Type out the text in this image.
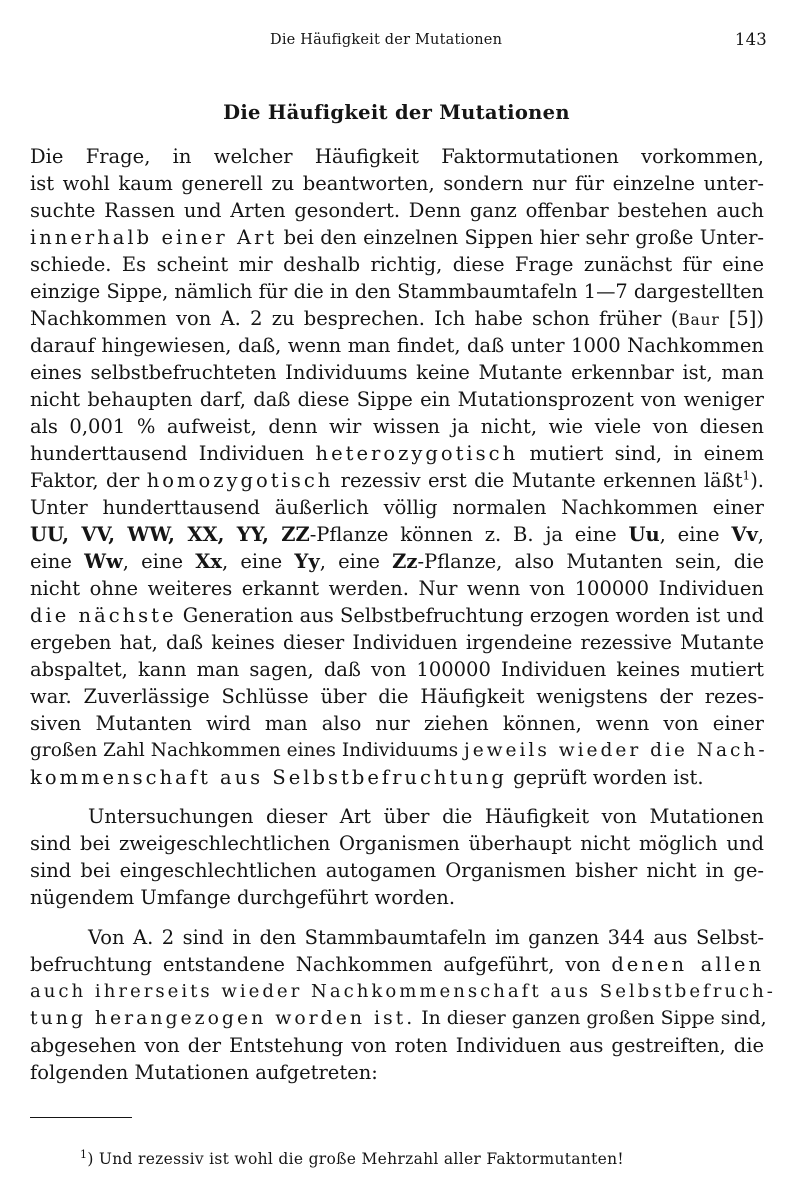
Die Häufigkeit der Mutationen	143
Die Häufigkeit der Mutationen
Die Frage, in welcher Häufigkeit Faktormutationen vorkommen,
ist wohl kaum generell zu beantworten, sondern nur für einzelne unter-
suchte Rassen und Arten gesondert. Denn ganz offenbar bestehen auch
innerhalb einer Art bei den einzelnen Sippen hier sehr große Unter-
schiede. Es scheint mir deshalb richtig, diese Frage zunächst für eine
einzige Sippe, nämlich für die in den Stammbaumtafeln 1—7 dargestellten
Nachkommen von A. 2 zu besprechen. Ich habe schon früher (Baur [5])
darauf hingewiesen, daß, wenn man findet, daß unter 1000 Nachkommen
eines selbstbefruchteten Individuums keine Mutante erkennbar ist, man
nicht behaupten darf, daß diese Sippe ein Mutationsprozent von weniger
als 0,001 % aufweist, denn wir wissen ja nicht, wie viele von diesen
hunderttausend Individuen heterozygotisch mutiert sind, in einem
Faktor, der homozygotisch rezessiv erst die Mutante erkennen läßt$^1$).
Unter hunderttausend äußerlich völlig normalen Nachkommen einer
UU, VV, WW, XX, YY, ZZ-Pflanze können z. B. ja eine Uu, eine Vv,
eine Ww, eine Xx, eine Yy, eine Zz-Pflanze, also Mutanten sein, die
nicht ohne weiteres erkannt werden. Nur wenn von 100000 Individuen
die nächste Generation aus Selbstbefruchtung erzogen worden ist und
ergeben hat, daß keines dieser Individuen irgendeine rezessive Mutante
abspaltet, kann man sagen, daß von 100000 Individuen keines mutiert
war. Zuverlässige Schlüsse über die Häufigkeit wenigstens der rezes-
siven Mutanten wird man also nur ziehen können, wenn von einer
großen Zahl Nachkommen eines Individuums jeweils wieder die Nach-
kommenschaft aus Selbstbefruchtung geprüft worden ist.
Untersuchungen dieser Art über die Häufigkeit von Mutationen
sind bei zweigeschlechtlichen Organismen überhaupt nicht möglich und
sind bei eingeschlechtlichen autogamen Organismen bisher nicht in ge-
nügendem Umfange durchgeführt worden.
Von A. 2 sind in den Stammbaumtafeln im ganzen 344 aus Selbst-
befruchtung entstandene Nachkommen aufgeführt, von denen allen
auch ihrerseits wieder Nachkommenschaft aus Selbstbefruch-
tung herangezogen worden ist. In dieser ganzen großen Sippe sind,
abgesehen von der Entstehung von roten Individuen aus gestreiften, die
folgenden Mutationen aufgetreten:
$^1$) Und rezessiv ist wohl die große Mehrzahl aller Faktormutanten!
